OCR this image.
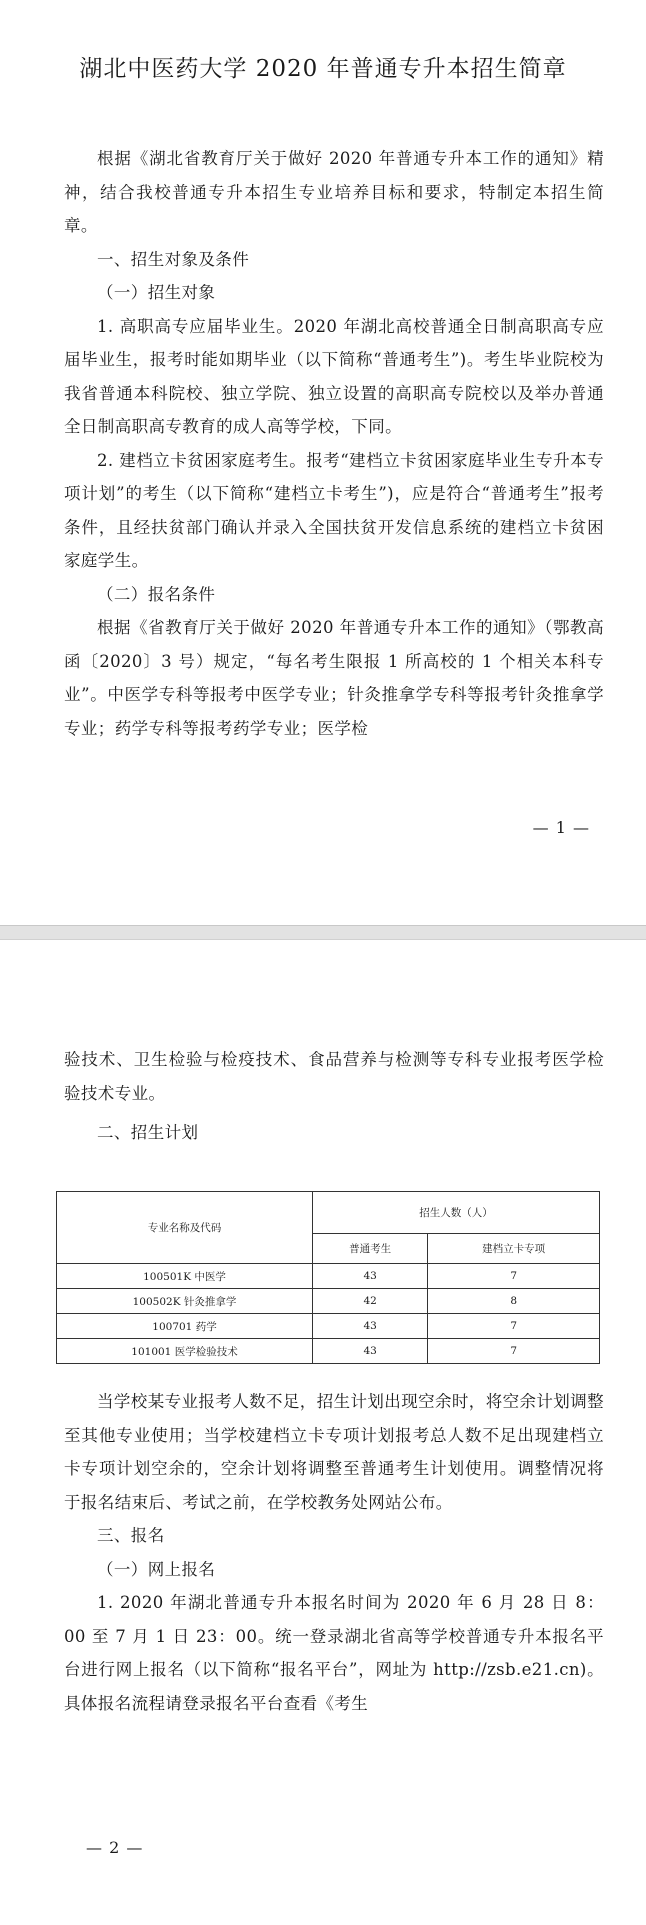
湖北中医药大学 2020 年普通专升本招生简章

根据《湖北省教育厅关于做好 2020 年普通专升本工作的通知》精神，结合我校普通专升本招生专业培养目标和要求，特制定本招生简章。

一、招生对象及条件

（一）招生对象

1. 高职高专应届毕业生。2020 年湖北高校普通全日制高职高专应届毕业生，报考时能如期毕业（以下简称“普通考生”)。考生毕业院校为我省普通本科院校、独立学院、独立设置的高职高专院校以及举办普通全日制高职高专教育的成人高等学校，下同。

2. 建档立卡贫困家庭考生。报考“建档立卡贫困家庭毕业生专升本专项计划”的考生（以下简称“建档立卡考生”)，应是符合“普通考生”报考条件，且经扶贫部门确认并录入全国扶贫开发信息系统的建档立卡贫困家庭学生。

（二）报名条件

根据《省教育厅关于做好 2020 年普通专升本工作的通知》（鄂教高函〔2020〕3 号）规定，“每名考生限报 1 所高校的 1 个相关本科专业”。中医学专科等报考中医学专业；针灸推拿学专科等报考针灸推拿学专业；药学专科等报考药学专业；医学检

— 1 —

验技术、卫生检验与检疫技术、食品营养与检测等专科专业报考医学检验技术专业。

二、招生计划

专业名称及代码	招生人数（人）	
	普通考生	建档立卡专项
100501K 中医学	43	7
100502K 针灸推拿学	42	8
100701 药学	43	7
101001 医学检验技术	43	7

当学校某专业报考人数不足，招生计划出现空余时，将空余计划调整至其他专业使用；当学校建档立卡专项计划报考总人数不足出现建档立卡专项计划空余的，空余计划将调整至普通考生计划使用。调整情况将于报名结束后、考试之前，在学校教务处网站公布。

三、报名

（一）网上报名

1. 2020 年湖北普通专升本报名时间为 2020 年 6 月 28 日 8：00 至 7 月 1 日 23：00。统一登录湖北省高等学校普通专升本报名平台进行网上报名（以下简称“报名平台”，网址为 http://zsb.e21.cn)。具体报名流程请登录报名平台查看《考生

— 2 —
